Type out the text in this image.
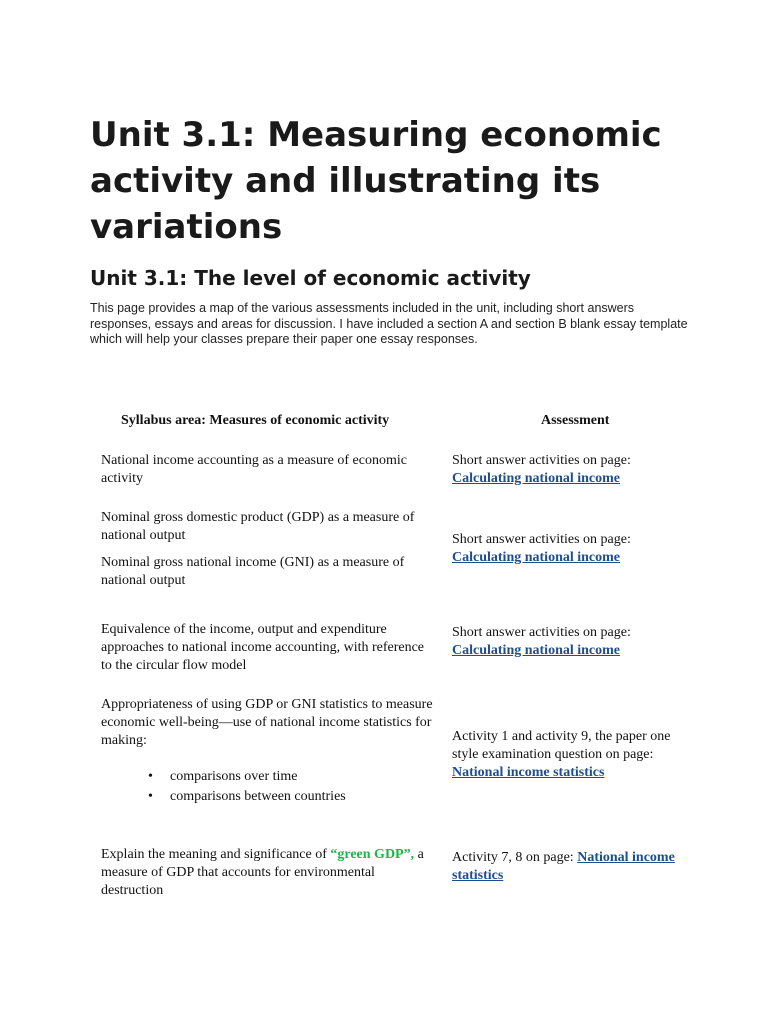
Unit 3.1: Measuring economic activity and illustrating its variations
Unit 3.1: The level of economic activity

This page provides a map of the various assessments included in the unit, including short answers responses, essays and areas for discussion. I have included a section A and section B blank essay template which will help your classes prepare their paper one essay responses.

Syllabus area: Measures of economic activity	Assessment
National income accounting as a measure of economic activity
Short answer activities on page: Calculating national income
Nominal gross domestic product (GDP) as a measure of national output
Nominal gross national income (GNI) as a measure of national output
Short answer activities on page: Calculating national income
Equivalence of the income, output and expenditure approaches to national income accounting, with reference to the circular flow model
Short answer activities on page: Calculating national income
Appropriateness of using GDP or GNI statistics to measure economic well-being—use of national income statistics for making:
• comparisons over time
• comparisons between countries
Activity 1 and activity 9, the paper one style examination question on page: National income statistics
Explain the meaning and significance of “green GDP”, a measure of GDP that accounts for environmental destruction
Activity 7, 8 on page: National income statistics
